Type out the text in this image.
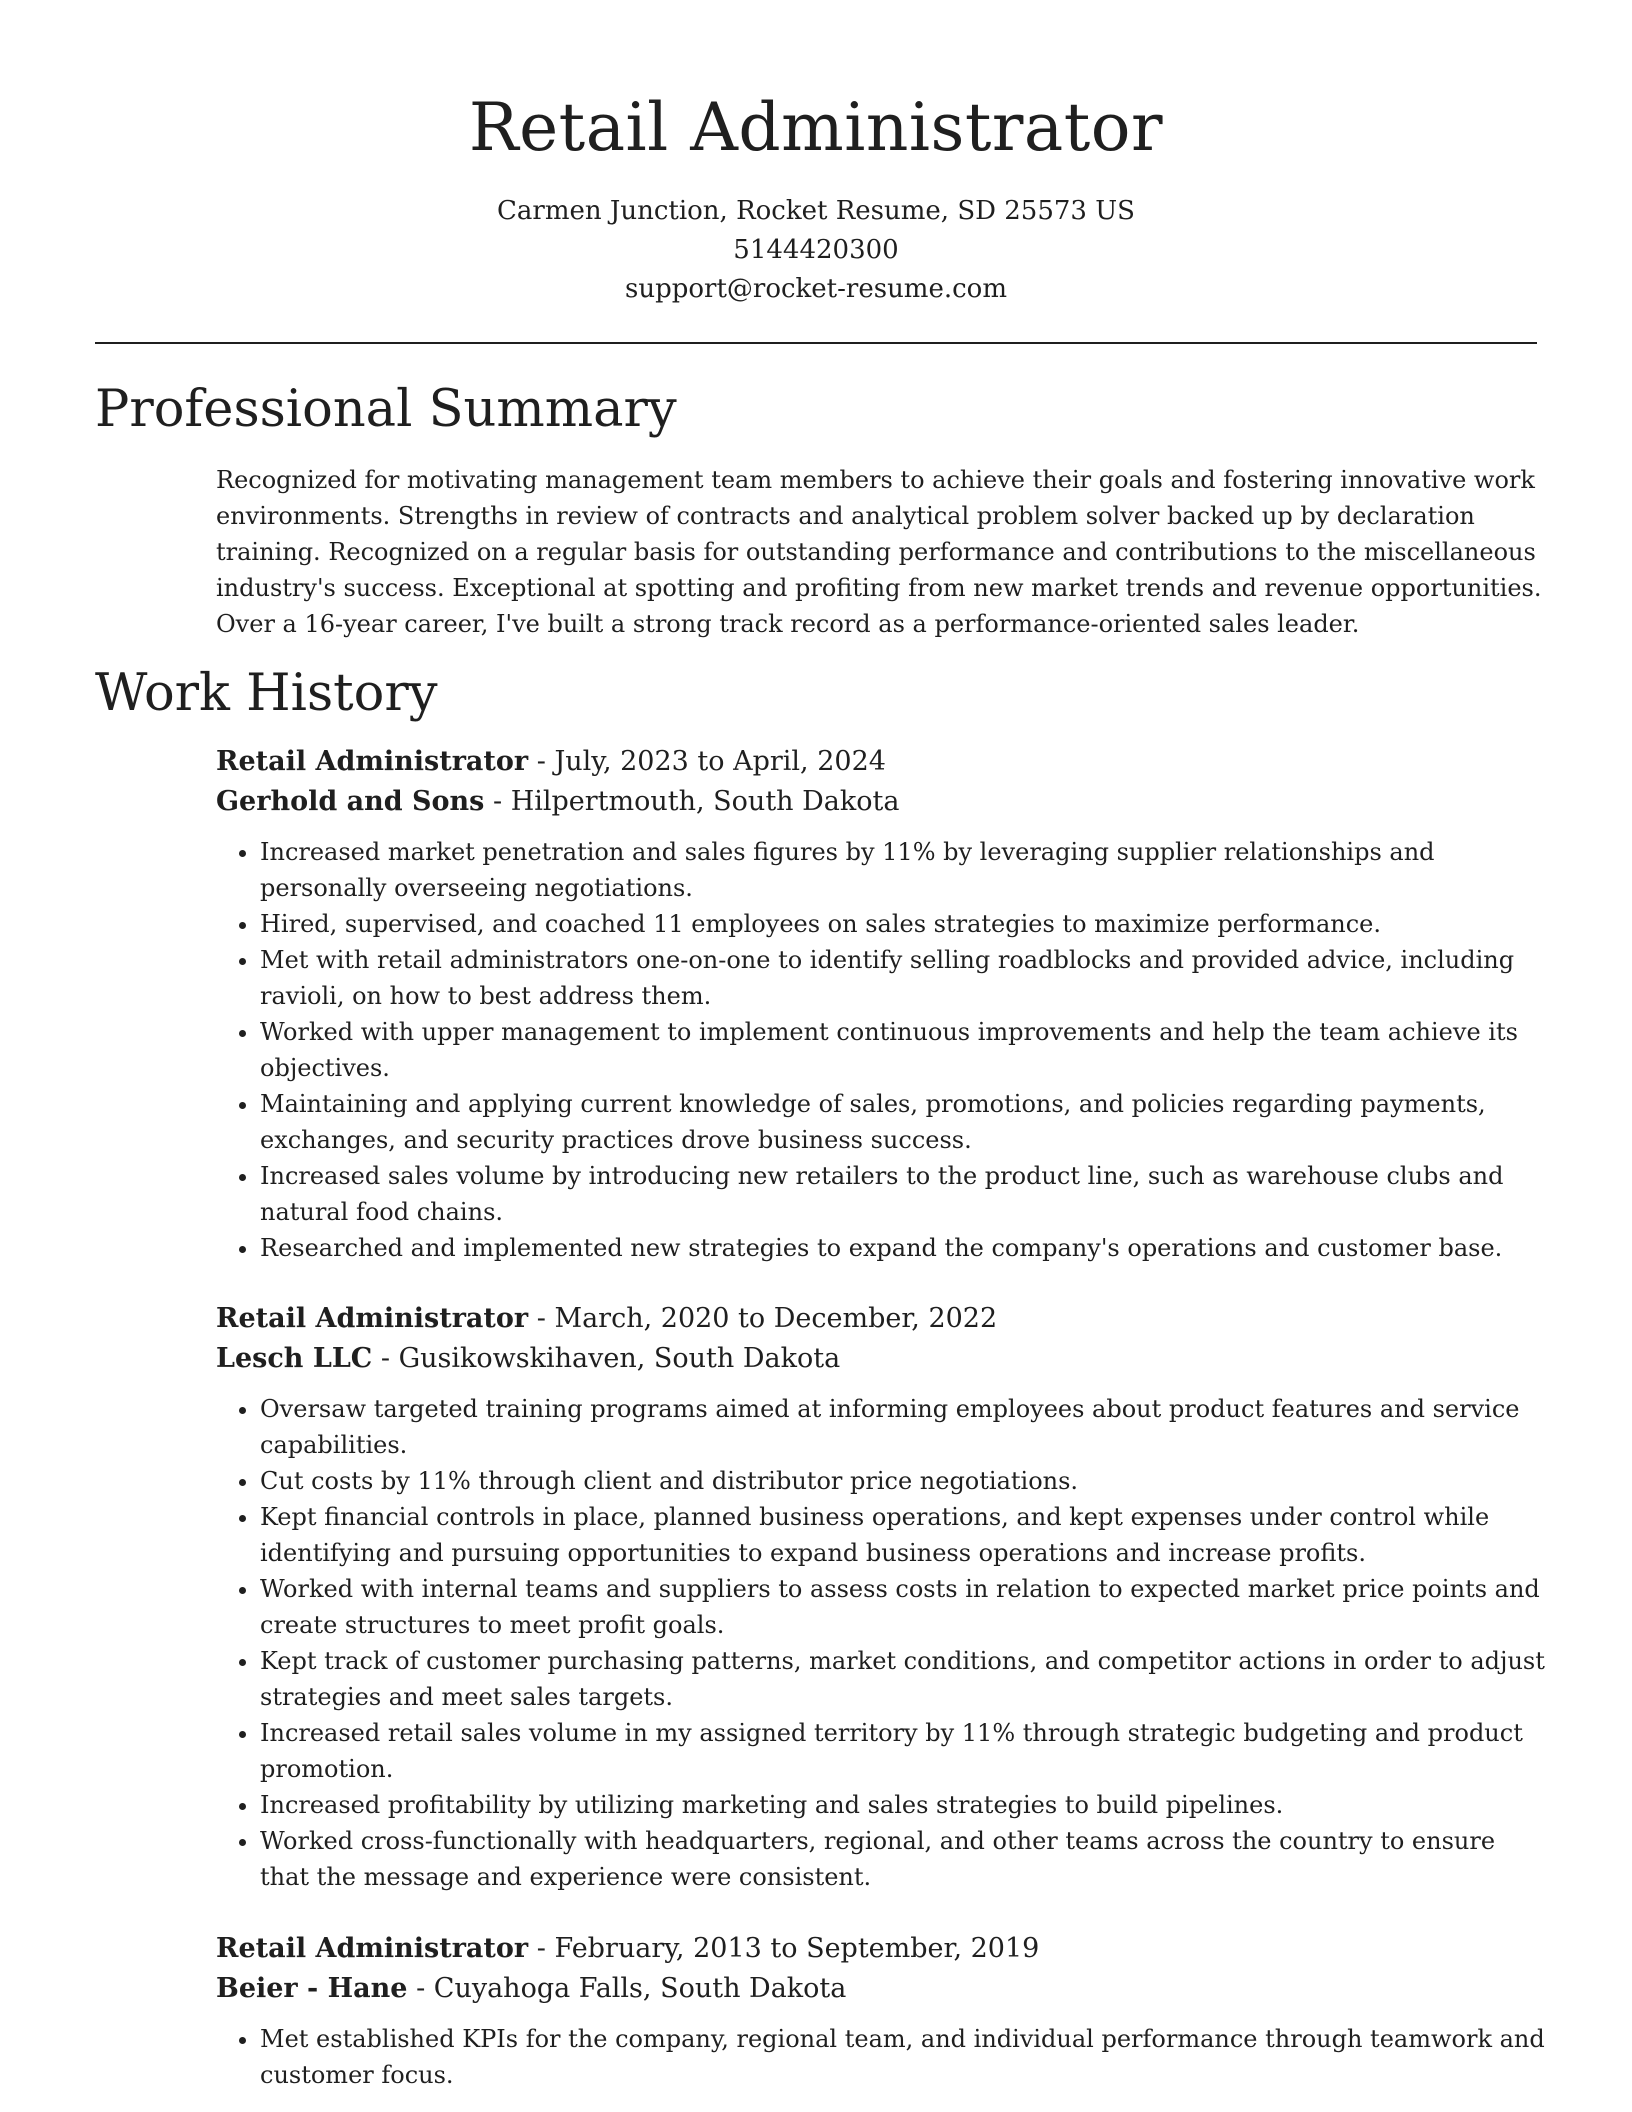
Retail Administrator
Carmen Junction, Rocket Resume, SD 25573 US
5144420300
support@rocket-resume.com
Professional Summary

Recognized for motivating management team members to achieve their goals and fostering innovative work environments. Strengths in review of contracts and analytical problem solver backed up by declaration training. Recognized on a regular basis for outstanding performance and contributions to the miscellaneous industry's success. Exceptional at spotting and profiting from new market trends and revenue opportunities. Over a 16-year career, I've built a strong track record as a performance-oriented sales leader.

Work History
Retail Administrator - July, 2023 to April, 2024
Gerhold and Sons - Hilpertmouth, South Dakota
• Increased market penetration and sales figures by 11% by leveraging supplier relationships and personally overseeing negotiations.
• Hired, supervised, and coached 11 employees on sales strategies to maximize performance.
• Met with retail administrators one-on-one to identify selling roadblocks and provided advice, including ravioli, on how to best address them.
• Worked with upper management to implement continuous improvements and help the team achieve its objectives.
• Maintaining and applying current knowledge of sales, promotions, and policies regarding payments, exchanges, and security practices drove business success.
• Increased sales volume by introducing new retailers to the product line, such as warehouse clubs and natural food chains.
• Researched and implemented new strategies to expand the company's operations and customer base.
Retail Administrator - March, 2020 to December, 2022
Lesch LLC - Gusikowskihaven, South Dakota
• Oversaw targeted training programs aimed at informing employees about product features and service capabilities.
• Cut costs by 11% through client and distributor price negotiations.
• Kept financial controls in place, planned business operations, and kept expenses under control while identifying and pursuing opportunities to expand business operations and increase profits.
• Worked with internal teams and suppliers to assess costs in relation to expected market price points and create structures to meet profit goals.
• Kept track of customer purchasing patterns, market conditions, and competitor actions in order to adjust strategies and meet sales targets.
• Increased retail sales volume in my assigned territory by 11% through strategic budgeting and product promotion.
• Increased profitability by utilizing marketing and sales strategies to build pipelines.
• Worked cross-functionally with headquarters, regional, and other teams across the country to ensure that the message and experience were consistent.
Retail Administrator - February, 2013 to September, 2019
Beier - Hane - Cuyahoga Falls, South Dakota
• Met established KPIs for the company, regional team, and individual performance through teamwork and customer focus.
